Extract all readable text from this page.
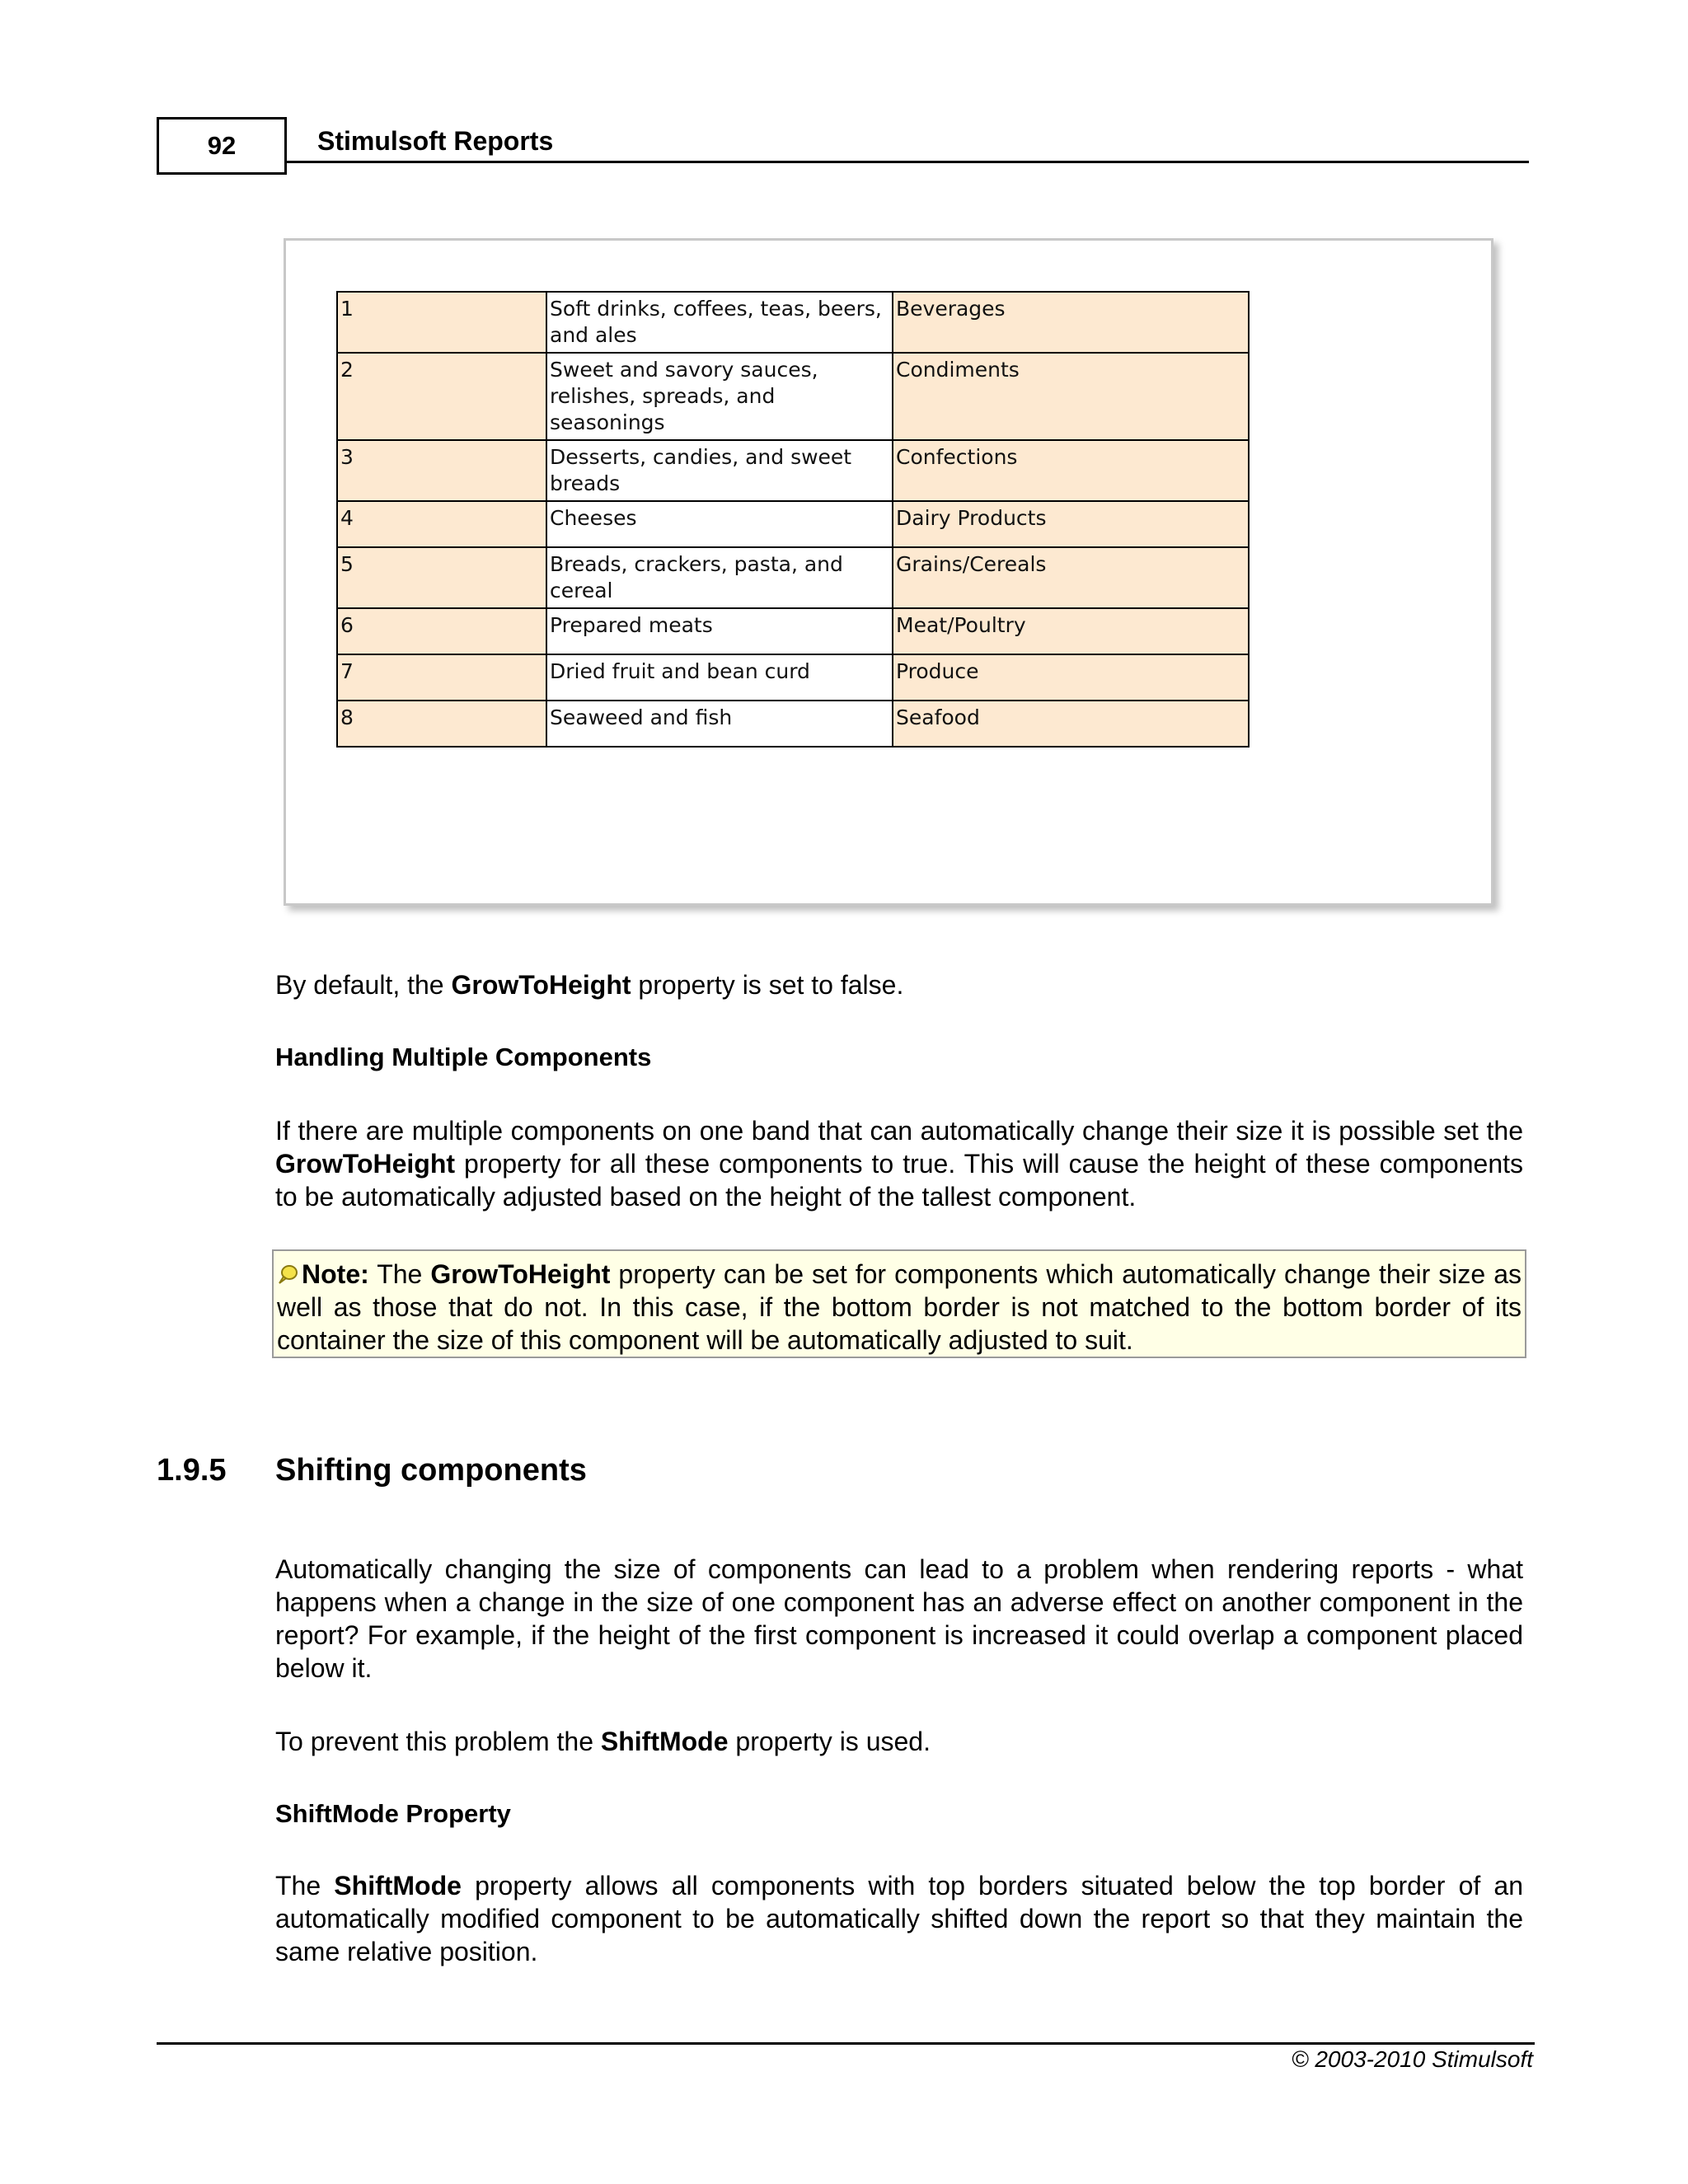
92	Stimulsoft Reports
1	Soft drinks, coffees, teas, beers, and ales	Beverages
2	Sweet and savory sauces, relishes, spreads, and seasonings	Condiments
3	Desserts, candies, and sweet breads	Confections
4	Cheeses	Dairy Products
5	Breads, crackers, pasta, and cereal	Grains/Cereals
6	Prepared meats	Meat/Poultry
7	Dried fruit and bean curd	Produce
8	Seaweed and fish	Seafood
By default, the GrowToHeight property is set to false.
Handling Multiple Components
If there are multiple components on one band that can automatically change their size it is possible set the GrowToHeight property for all these components to true. This will cause the height of these components to be automatically adjusted based on the height of the tallest component.
Note: The GrowToHeight property can be set for components which automatically change their size as well as those that do not. In this case, if the bottom border is not matched to the bottom border of its container the size of this component will be automatically adjusted to suit.
1.9.5 Shifting components
Automatically changing the size of components can lead to a problem when rendering reports - what happens when a change in the size of one component has an adverse effect on another component in the report? For example, if the height of the first component is increased it could overlap a component placed below it.
To prevent this problem the ShiftMode property is used.
ShiftMode Property
The ShiftMode property allows all components with top borders situated below the top border of an automatically modified component to be automatically shifted down the report so that they maintain the same relative position.
© 2003-2010 Stimulsoft
